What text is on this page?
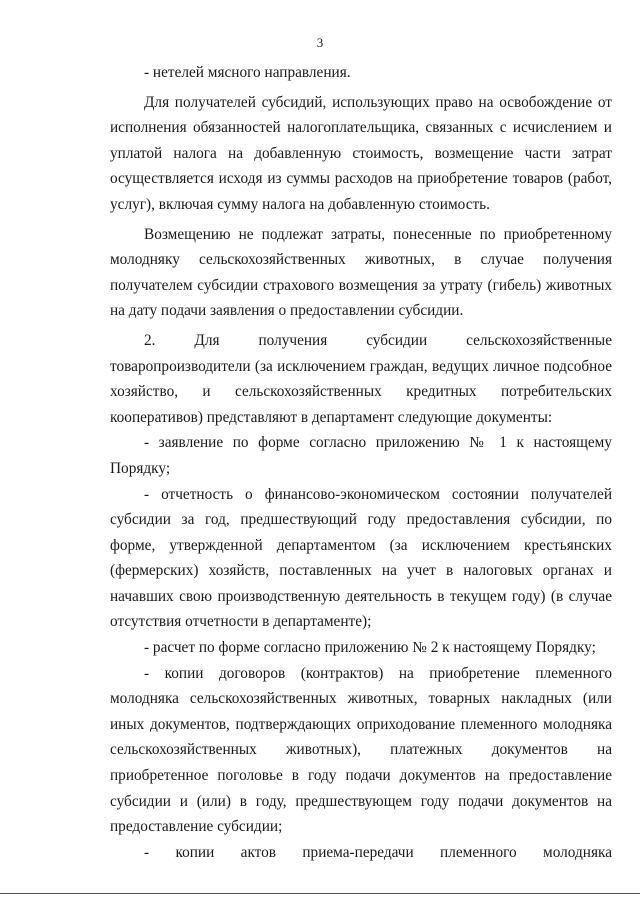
3

- нетелей мясного направления.

Для получателей субсидий, использующих право на освобождение от исполнения обязанностей налогоплательщика, связанных с исчислением и уплатой налога на добавленную стоимость, возмещение части затрат осуществляется исходя из суммы расходов на приобретение товаров (работ, услуг), включая сумму налога на добавленную стоимость.

Возмещению не подлежат затраты, понесенные по приобретенному молодняку сельскохозяйственных животных, в случае получения получателем субсидии страхового возмещения за утрату (гибель) животных на дату подачи заявления о предоставлении субсидии.

2. Для получения субсидии сельскохозяйственные товаропроизводители (за исключением граждан, ведущих личное подсобное хозяйство, и сельскохозяйственных кредитных потребительских кооперативов) представляют в департамент следующие документы:

- заявление по форме согласно приложению № 1 к настоящему Порядку;

- отчетность о финансово-экономическом состоянии получателей субсидии за год, предшествующий году предоставления субсидии, по форме, утвержденной департаментом (за исключением крестьянских (фермерских) хозяйств, поставленных на учет в налоговых органах и начавших свою производственную деятельность в текущем году) (в случае отсутствия отчетности в департаменте);

- расчет по форме согласно приложению № 2 к настоящему Порядку;

- копии договоров (контрактов) на приобретение племенного молодняка сельскохозяйственных животных, товарных накладных (или иных документов, подтверждающих оприходование племенного молодняка сельскохозяйственных животных), платежных документов на приобретенное поголовье в году подачи документов на предоставление субсидии и (или) в году, предшествующем году подачи документов на предоставление субсидии;

- копии актов приема-передачи племенного молодняка
